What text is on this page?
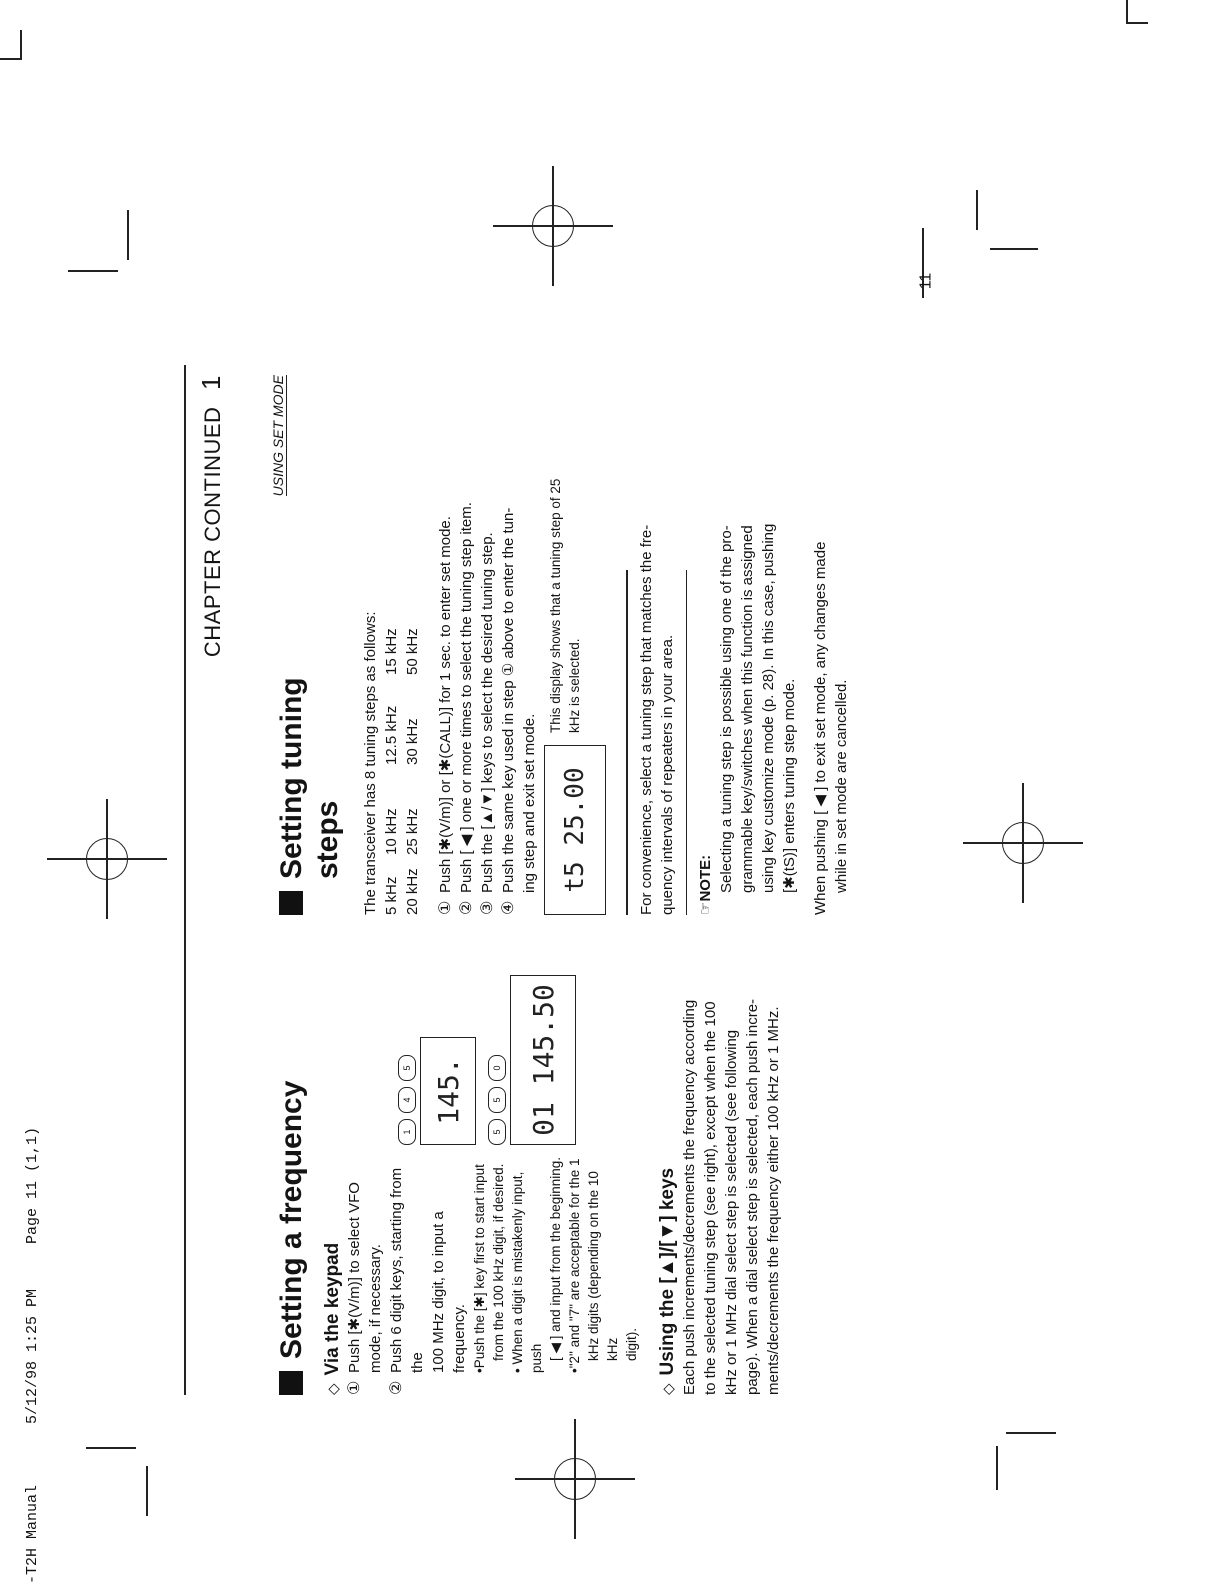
-T2H Manual
5/12/98 1:25 PM
Page 11 (1,1)
11
CHAPTER CONTINUED 1	USING SET MODE
Setting a frequency
◇
Via the keypad
①
Push [✱(V/m)] to select VFO mode, if necessary.
②
Push 6 digit keys, starting from the 100 MHz digit, to input a frequency. •Push the [✱] key first to start input from the 100 kHz digit, if desired. • When a digit is mistakenly input, push [ ◀ ] and input from the beginning. •"2" and "7" are acceptable for the 1 kHz digits (depending on the 10 kHz digit).
1
4
5 145.
5
5
0 01 145.50
◇
Using the [▲]/[▼] keys Each push increments/decrements the frequency according to the selected tuning step (see right), except when the 100 kHz or 1 MHz dial select step is selected (see following page). When a dial select step is selected, each push incre- ments/decrements the frequency either 100 kHz or 1 MHz.
Setting tuning steps The transceiver has 8 tuning steps as follows: 5 kHz
10 kHz
12.5 kHz
15 kHz
20 kHz
25 kHz
30 kHz
50 kHz
①
Push [✱(V/m)] or [✱(CALL)] for 1 sec. to enter set mode.
②
Push [ ◀ ] one or more times to select the tuning step item.
③
Push the [▲/▼] keys to select the desired tuning step.
④
Push the same key used in step ① above to enter the tun- ing step and exit set mode. t5 25.00
This display shows that a tuning step of 25 kHz is selected.	For convenience, select a tuning step that matches the fre- quency intervals of repeaters in your area. ☞NOTE: Selecting a tuning step is possible using one of the pro- grammable key/switches when this function is assigned using key customize mode (p. 28). In this case, pushing [✱(tS)] enters tuning step mode. When pushing [ ◀ ] to exit set mode, any changes made while in set mode are cancelled.
